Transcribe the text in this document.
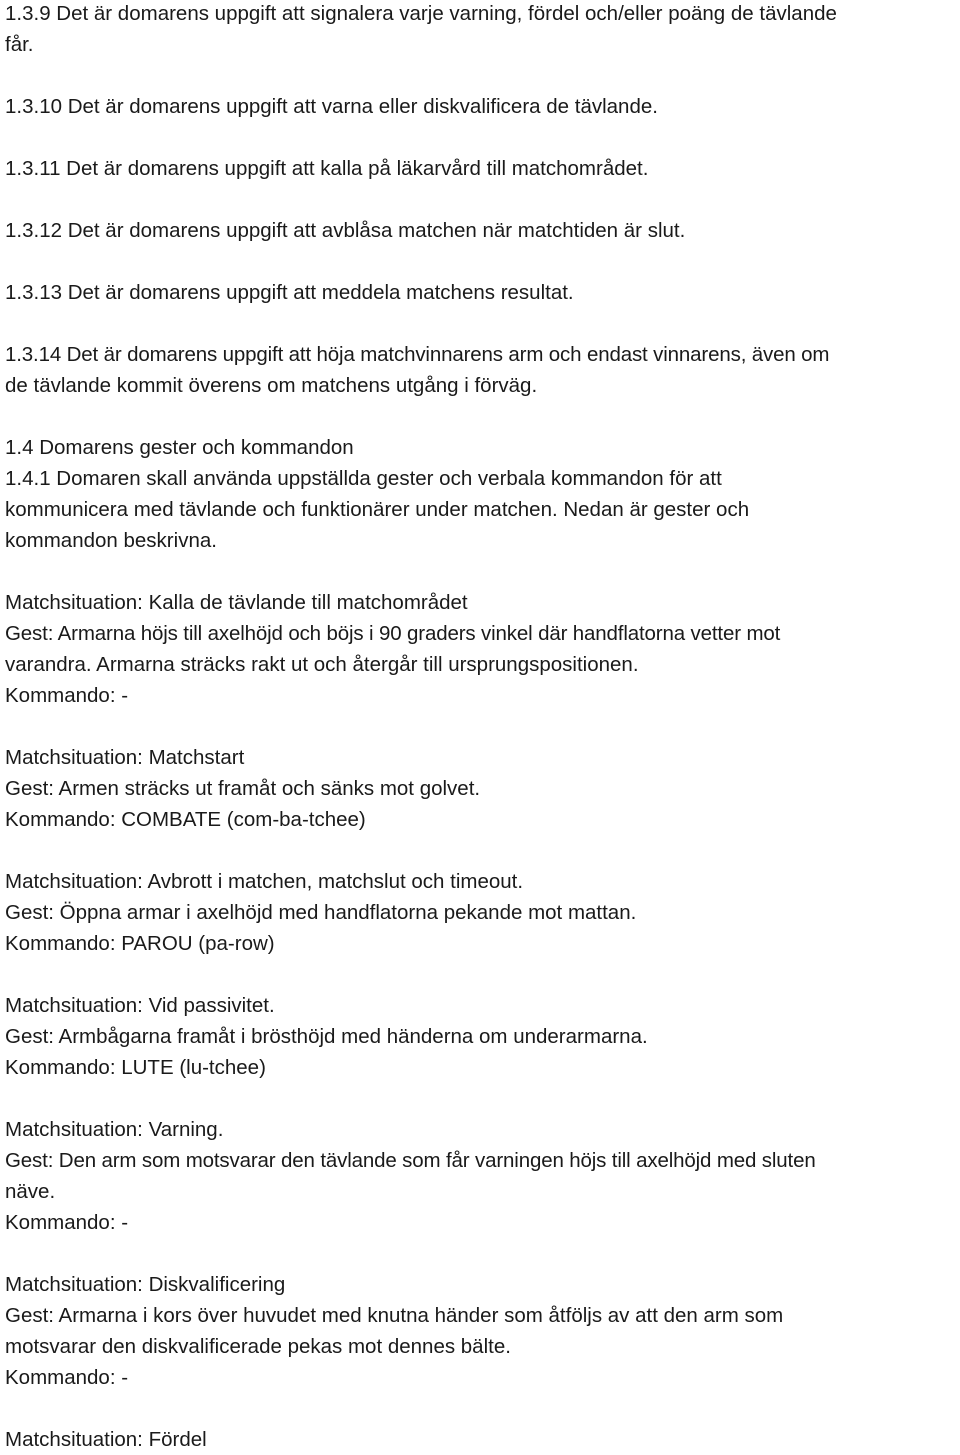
1.3.9 Det är domarens uppgift att signalera varje varning, fördel och/eller poäng de tävlande
får.
1.3.10 Det är domarens uppgift att varna eller diskvalificera de tävlande.
1.3.11 Det är domarens uppgift att kalla på läkarvård till matchområdet.
1.3.12 Det är domarens uppgift att avblåsa matchen när matchtiden är slut.
1.3.13 Det är domarens uppgift att meddela matchens resultat.
1.3.14 Det är domarens uppgift att höja matchvinnarens arm och endast vinnarens, även om
de tävlande kommit överens om matchens utgång i förväg.
1.4 Domarens gester och kommandon
1.4.1 Domaren skall använda uppställda gester och verbala kommandon för att
kommunicera med tävlande och funktionärer under matchen. Nedan är gester och
kommandon beskrivna.
Matchsituation: Kalla de tävlande till matchområdet
Gest: Armarna höjs till axelhöjd och böjs i 90 graders vinkel där handflatorna vetter mot
varandra. Armarna sträcks rakt ut och återgår till ursprungspositionen.
Kommando: -
Matchsituation: Matchstart
Gest: Armen sträcks ut framåt och sänks mot golvet.
Kommando: COMBATE (com-ba-tchee)
Matchsituation: Avbrott i matchen, matchslut och timeout.
Gest: Öppna armar i axelhöjd med handflatorna pekande mot mattan.
Kommando: PAROU (pa-row)
Matchsituation: Vid passivitet.
Gest: Armbågarna framåt i brösthöjd med händerna om underarmarna.
Kommando: LUTE (lu-tchee)
Matchsituation: Varning.
Gest: Den arm som motsvarar den tävlande som får varningen höjs till axelhöjd med sluten
näve.
Kommando: -
Matchsituation: Diskvalificering
Gest: Armarna i kors över huvudet med knutna händer som åtföljs av att den arm som
motsvarar den diskvalificerade pekas mot dennes bälte.
Kommando: -
Matchsituation: Fördel
